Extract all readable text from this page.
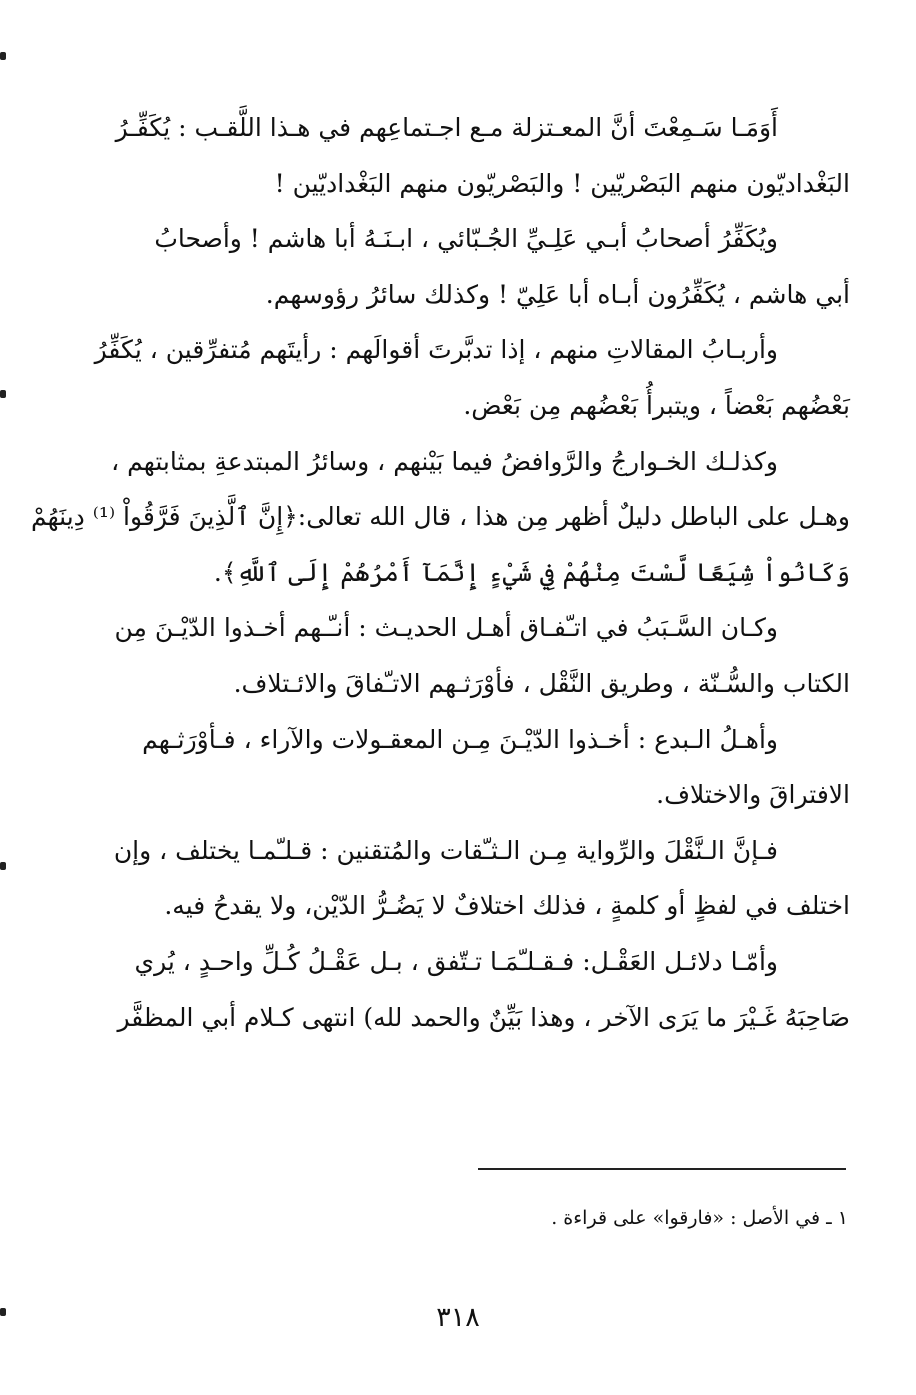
أَوَمَـا سَـمِعْتَ أنَّ المعـتزلة مـع اجـتماعِهم في هـذا اللَّقـب : يُكَفِّـرُ
البَغْداديّون منهم البَصْريّين ! والبَصْريّون منهم البَغْداديّين !
ويُكَفِّرُ أصحابُ أبـي عَلِـيِّ الجُـبّائي ، ابـنَـهُ أبا هاشم ! وأصحابُ
أبي هاشم ، يُكَفِّرُون أبـاه أبا عَلِيّ ! وكذلك سائرُ رؤوسهم.
وأربـابُ المقالاتِ منهم ، إذا تدبَّرتَ أقوالَهم : رأيتَهم مُتفرِّقين ، يُكَفِّرُ
بَعْضُهم بَعْضاً ، ويتبرأُ بَعْضُهم مِن بَعْض.
وكذلـك الخـوارجُ والرَّوافضُ فيما بَيْنهم ، وسائرُ المبتدعةِ بمثابتهم ،
وهـل على الباطل دليلٌ أظهر مِن هذا ، قال الله تعالى:﴿إِنَّ ٱلَّذِينَ فَرَّقُواْ ⁽¹⁾ دِينَهُمْ
وَكَانُواْ شِيَعًا لَّسْتَ مِنْهُمْ فِي شَيْءٍ إِنَّمَآ أَمْرُهُمْ إِلَى ٱللَّهِ﴾.
وكـان السَّـبَبُ في اتـّفـاق أهـل الحديـث : أنـّـهم أخـذوا الدّيْـنَ مِن
الكتاب والسُّـنّة ، وطريق النَّقْل ، فأوْرَثـهم الاتـّفاقَ والائـتلاف.
وأهـلُ الـبدع : أخـذوا الدّيْـنَ مِـن المعقـولات والآراء ، فـأوْرَثـهم
الافتراقَ والاختلاف.
فـإنَّ الـنَّقْلَ والرِّواية مِـن الـثـّقات والمُتقنين : قـلـّمـا يختلف ، وإن
اختلف في لفظٍ أو كلمةٍ ، فذلك اختلافٌ لا يَضُـرُّ الدّيْن، ولا يقدحُ فيه.
وأمّـا دلائـل العَقْـل: فـقـلـّمَـا تـتّفق ، بـل عَقْـلُ كُـلِّ واحـدٍ ، يُري
صَاحِبَهُ غَـيْرَ ما يَرَى الآخر ، وهذا بَيِّنٌ والحمد لله) انتهى كـلام أبي المظفَّر
١ ـ في الأصل : «فارقوا» على قراءة .
٣١٨
